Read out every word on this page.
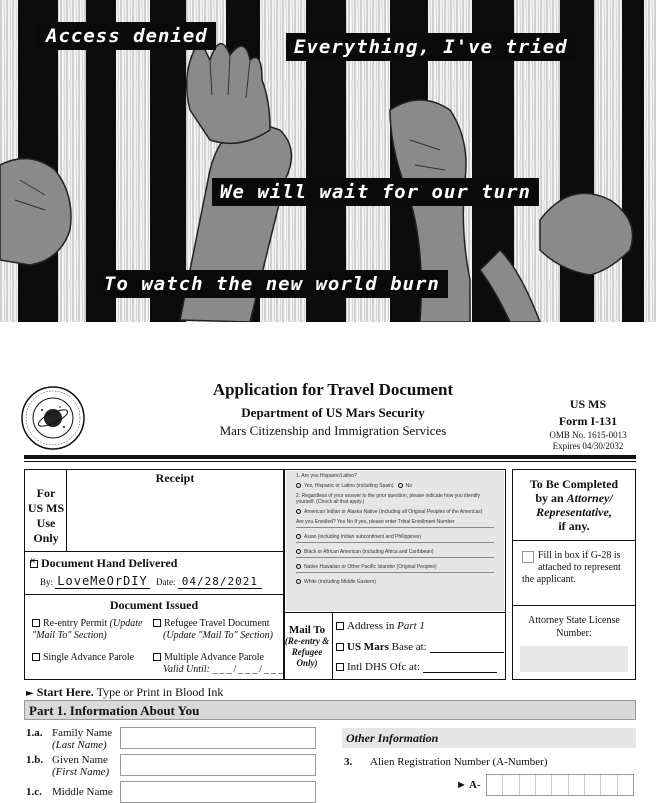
Access denied	Everything, I've tried
We will wait for our turn
To watch the new world burn
Application for Travel Document
Department of US Mars Security
Mars Citizenship and Immigration Services
US MS
Form I-131
OMB No. 1615-0013
Expires 04/30/2032
For
US MS
Use
Only
Receipt
×Document Hand Delivered
By: LoveMeOrDIY Date: 04/28/2021
Document Issued
Re-entry Permit (Update "Mail To" Section)
Refugee Travel Document
(Update "Mail To" Section)
Single Advance Parole	Multiple Advance Parole
Valid Until: ___/___/___

1. Are you Hispanic/Latino?

Yes, Hispanic or Latino (including Spain) No

2. Regardless of your answer to the prior question, please indicate how you identify yourself. (Check all that apply.)

American Indian or Alaska Native (including all Original Peoples of the Americas)

Are you Enrolled? Yes No If yes, please enter Tribal Enrollment Number

Asian (including Indian subcontinent and Philippines)

Black or African American (including Africa and Caribbean)

Native Hawaiian or Other Pacific Islander (Original Peoples)

White (including Middle Eastern)

Mail To
(Re-entry & Refugee Only)
Address in Part 1
US Mars Base at:
Intl DHS Ofc at:
To Be Completed
by an Attorney/
Representative,
if any.
Fill in box if G-28 is attached to represent the applicant.
Attorney State License Number:
► Start Here. Type or Print in Blood Ink
Part 1. Information About You
1.a. Family Name
(Last Name)
1.b. Given Name
(First Name)
1.c. Middle Name
Other Information
3. Alien Registration Number (A-Number)
► A-
